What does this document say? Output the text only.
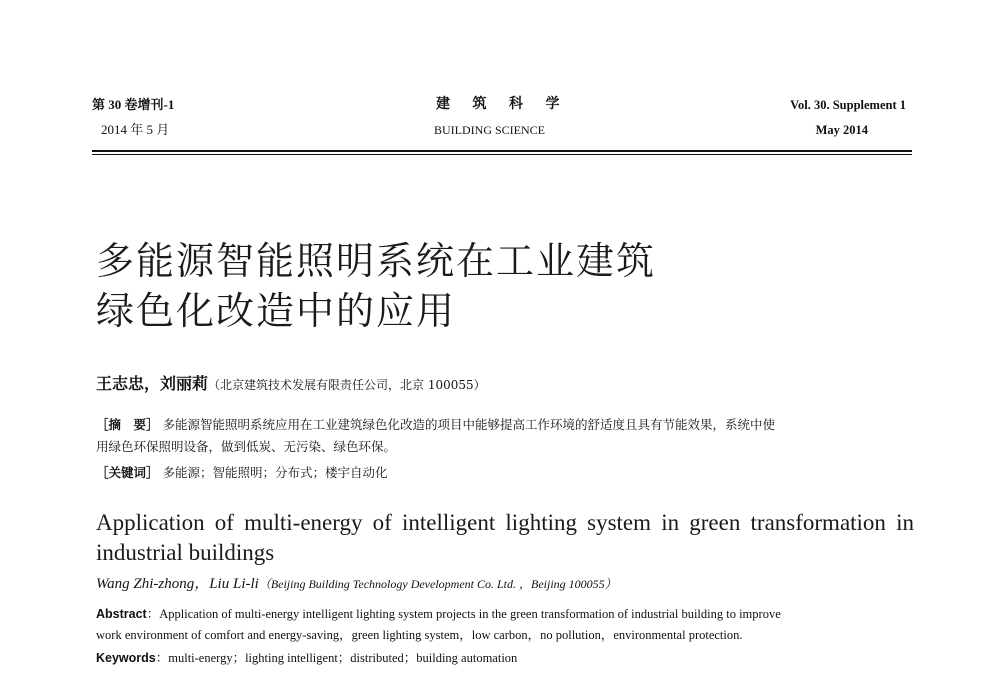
第 30 卷增刊-1
2014 年 5 月
建   筑   科   学
BUILDING SCIENCE
Vol. 30. Supplement 1
May 2014
多能源智能照明系统在工业建筑
绿色化改造中的应用
王志忠，刘丽莉（北京建筑技术发展有限责任公司，北京 100055）
［摘　要］ 多能源智能照明系统应用在工业建筑绿色化改造的项目中能够提高工作环境的舒适度且具有节能效果，系统中使
用绿色环保照明设备，做到低炭、无污染、绿色环保。
［关键词］ 多能源；智能照明；分布式；楼宇自动化
Application of multi-energy of intelligent lighting system in green transformation in industrial buildings
Wang Zhi-zhong，Liu Li-li（Beijing Building Technology Development Co. Ltd. ，Beijing 100055）
Abstract：Application of multi-energy intelligent lighting system projects in the green transformation of industrial building to improve
work environment of comfort and energy-saving，green lighting system，low carbon，no pollution，environmental protection.
Keywords：multi-energy；lighting intelligent；distributed；building automation
